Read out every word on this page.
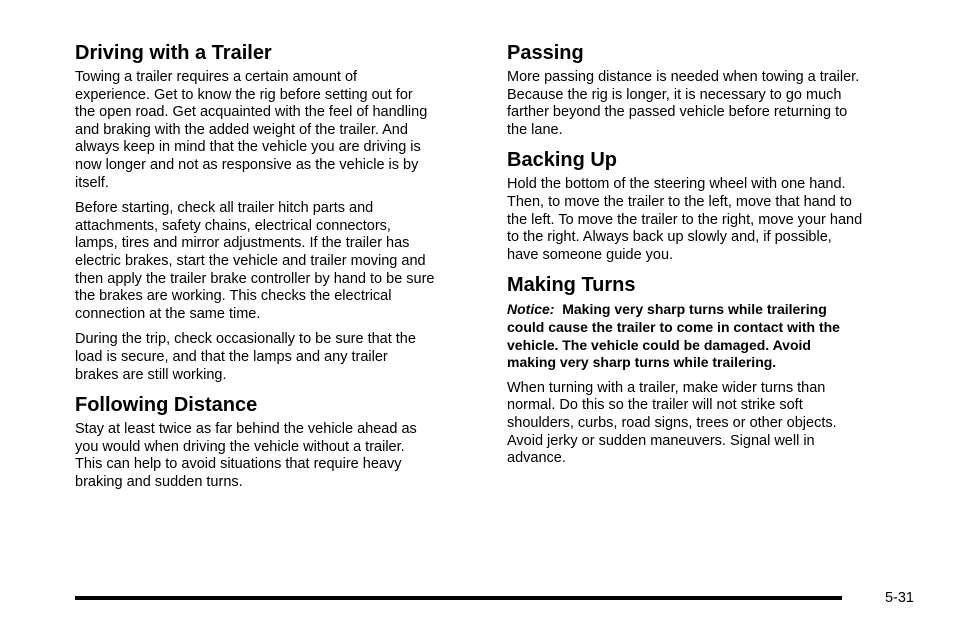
Driving with a Trailer

Towing a trailer requires a certain amount of
experience. Get to know the rig before setting out for
the open road. Get acquainted with the feel of handling
and braking with the added weight of the trailer. And
always keep in mind that the vehicle you are driving is
now longer and not as responsive as the vehicle is by
itself.

Before starting, check all trailer hitch parts and
attachments, safety chains, electrical connectors,
lamps, tires and mirror adjustments. If the trailer has
electric brakes, start the vehicle and trailer moving and
then apply the trailer brake controller by hand to be sure
the brakes are working. This checks the electrical
connection at the same time.

During the trip, check occasionally to be sure that the
load is secure, and that the lamps and any trailer
brakes are still working.

Following Distance

Stay at least twice as far behind the vehicle ahead as
you would when driving the vehicle without a trailer.
This can help to avoid situations that require heavy
braking and sudden turns.

Passing

More passing distance is needed when towing a trailer.
Because the rig is longer, it is necessary to go much
farther beyond the passed vehicle before returning to
the lane.

Backing Up

Hold the bottom of the steering wheel with one hand.
Then, to move the trailer to the left, move that hand to
the left. To move the trailer to the right, move your hand
to the right. Always back up slowly and, if possible,
have someone guide you.

Making Turns
Notice: Making very sharp turns while trailering
could cause the trailer to come in contact with the
vehicle. The vehicle could be damaged. Avoid
making very sharp turns while trailering.

When turning with a trailer, make wider turns than
normal. Do this so the trailer will not strike soft
shoulders, curbs, road signs, trees or other objects.
Avoid jerky or sudden maneuvers. Signal well in
advance.

5-31
